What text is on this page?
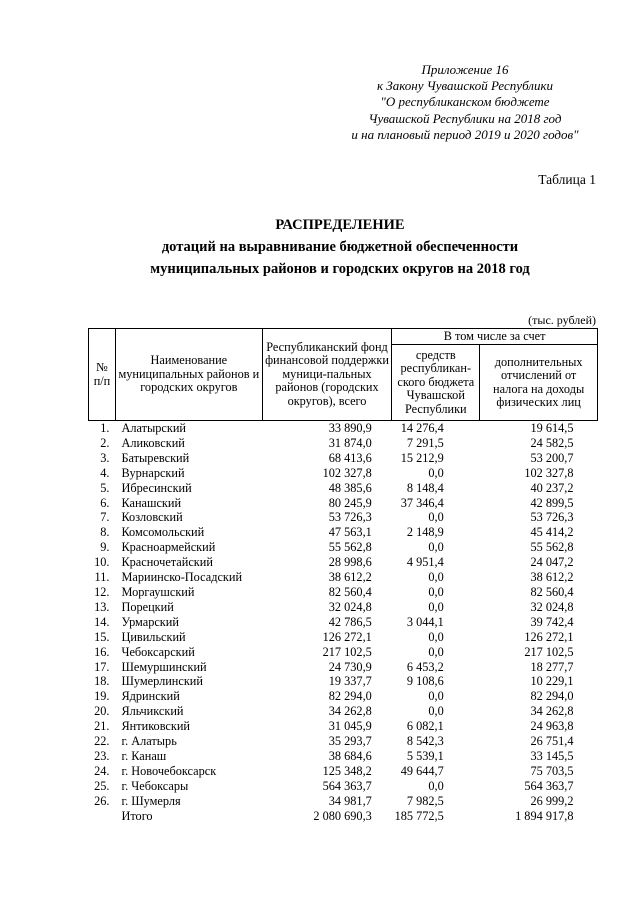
Приложение 16
к Закону Чувашской Республики
"О республиканском бюджете
Чувашской Республики на 2018 год
и на плановый период 2019 и 2020 годов"
Таблица 1
РАСПРЕДЕЛЕНИЕ
дотаций на выравнивание бюджетной обеспеченности
муниципальных районов и городских округов на 2018 год
(тыс. рублей)
№ п/п	Наименование муниципальных районов и городских округов	Республиканский фонд финансовой поддержки муници-пальных районов (городских округов), всего	В том числе за счет	
			средств республикан-ского бюджета Чувашской Республики	дополнительных отчислений от налога на доходы физических лиц
1.	Алатырский	33 890,9	14 276,4	19 614,5
2.	Аликовский	31 874,0	7 291,5	24 582,5
3.	Батыревский	68 413,6	15 212,9	53 200,7
4.	Вурнарский	102 327,8	0,0	102 327,8
5.	Ибресинский	48 385,6	8 148,4	40 237,2
6.	Канашский	80 245,9	37 346,4	42 899,5
7.	Козловский	53 726,3	0,0	53 726,3
8.	Комсомольский	47 563,1	2 148,9	45 414,2
9.	Красноармейский	55 562,8	0,0	55 562,8
10.	Красночетайский	28 998,6	4 951,4	24 047,2
11.	Мариинско-Посадский	38 612,2	0,0	38 612,2
12.	Моргаушский	82 560,4	0,0	82 560,4
13.	Порецкий	32 024,8	0,0	32 024,8
14.	Урмарский	42 786,5	3 044,1	39 742,4
15.	Цивильский	126 272,1	0,0	126 272,1
16.	Чебоксарский	217 102,5	0,0	217 102,5
17.	Шемуршинский	24 730,9	6 453,2	18 277,7
18.	Шумерлинский	19 337,7	9 108,6	10 229,1
19.	Ядринский	82 294,0	0,0	82 294,0
20.	Яльчикский	34 262,8	0,0	34 262,8
21.	Янтиковский	31 045,9	6 082,1	24 963,8
22.	г. Алатырь	35 293,7	8 542,3	26 751,4
23.	г. Канаш	38 684,6	5 539,1	33 145,5
24.	г. Новочебоксарск	125 348,2	49 644,7	75 703,5
25.	г. Чебоксары	564 363,7	0,0	564 363,7
26.	г. Шумерля	34 981,7	7 982,5	26 999,2
	Итого	2 080 690,3	185 772,5	1 894 917,8
